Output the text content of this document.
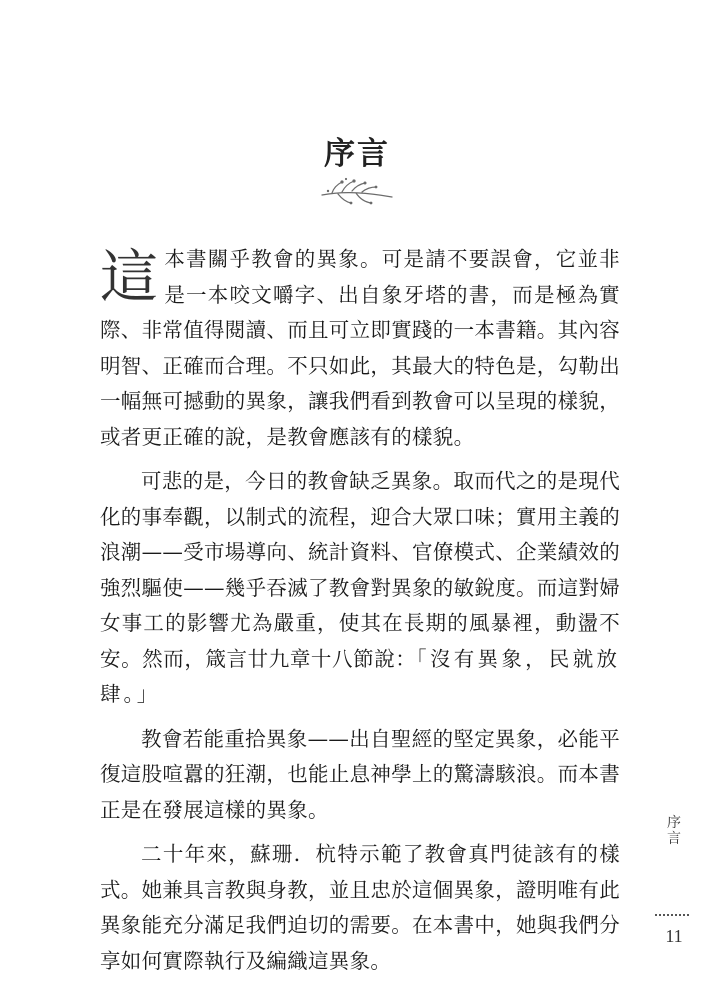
序言

這本書關乎教會的異象。可是請不要誤會，它並非是一本咬文嚼字、出自象牙塔的書，而是極為實際、非常值得閱讀、而且可立即實踐的一本書籍。其內容明智、正確而合理。不只如此，其最大的特色是，勾勒出一幅無可撼動的異象，讓我們看到教會可以呈現的樣貌，或者更正確的說，是教會應該有的樣貌。

可悲的是，今日的教會缺乏異象。取而代之的是現代化的事奉觀，以制式的流程，迎合大眾口味；實用主義的浪潮——受市場導向、統計資料、官僚模式、企業績效的強烈驅使——幾乎吞滅了教會對異象的敏銳度。而這對婦女事工的影響尤為嚴重，使其在長期的風暴裡，動盪不安。然而，箴言廿九章十八節說：「沒有異象，民就放肆。」

教會若能重拾異象——出自聖經的堅定異象，必能平復這股喧囂的狂潮，也能止息神學上的驚濤駭浪。而本書正是在發展這樣的異象。

二十年來，蘇珊．杭特示範了教會真門徒該有的樣式。她兼具言教與身教，並且忠於這個異象，證明唯有此異象能充分滿足我們迫切的需要。在本書中，她與我們分享如何實際執行及編織這異象。

序言
11
